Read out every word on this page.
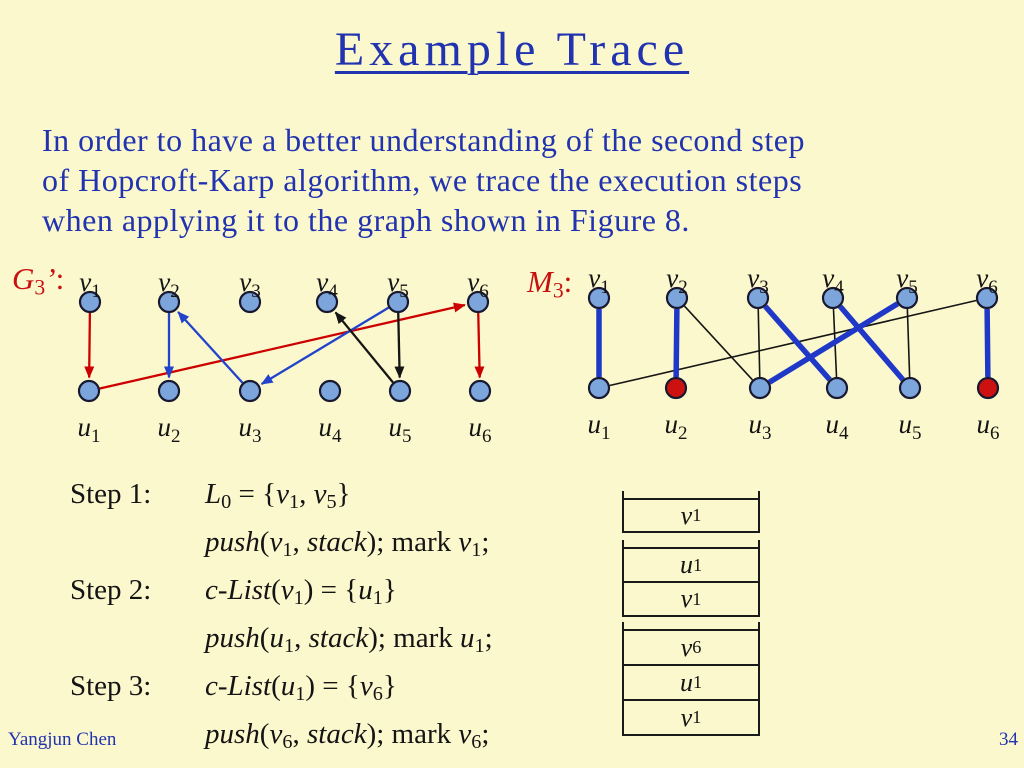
Example Trace
In order to have a better understanding of the second step
of Hopcroft-Karp algorithm, we trace the execution steps
when applying it to the graph shown in Figure 8.
$G_3$’:	$M_3$:
$v_1$ $v_2$ $v_3$ $v_4$ $v_5$ $v_6$
$u_1$ $u_2$ $u_3$ $u_4$ $u_5$ $u_6$
$v_1$ $v_2$ $v_3$ $v_4$ $v_5$ $v_6$
$u_1$ $u_2$ $u_3$ $u_4$ $u_5$ $u_6$
Step 1:	$L_0 = \{v_1$, $v_5$}
$push(v_1$, stack); mark $v_1$;
Step 2:	$c-List(v_1) = \{u_1\}$
$push(u_1$, stack); mark $u_1$;
Step 3:	$c-List(u_1) = \{v_6\}$
$push(v_6$, stack); mark $v_6$;
v 1
u 1
v 1
v 6
u 1
v 1
Yangjun Chen	34
